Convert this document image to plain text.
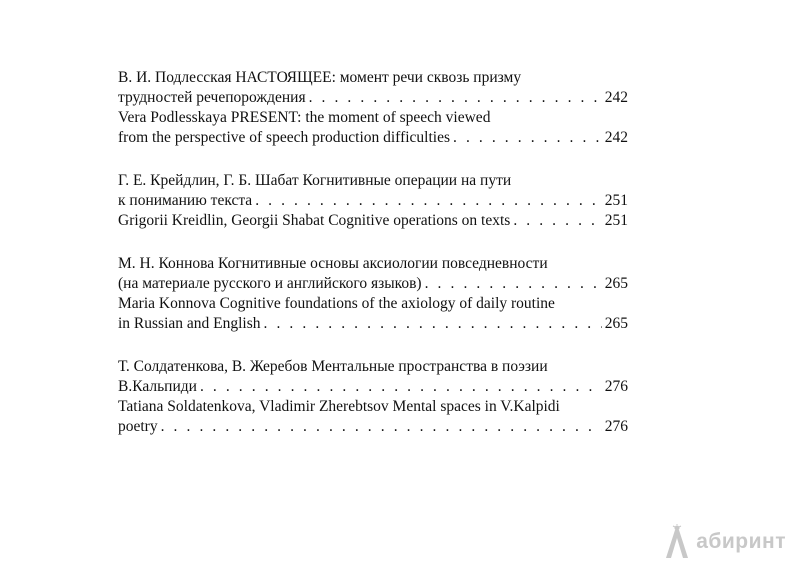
В. И. Подлесская НАСТОЯЩЕЕ: момент речи сквозь призму
трудностей речепорождения . . .	242
Vera Podlesskaya PRESENT: the moment of speech viewed
from the perspective of speech production difficulties . . .	242
Г. Е. Крейдлин, Г. Б. Шабат Когнитивные операции на пути
к пониманию текста . . .	251
Grigorii Kreidlin, Georgii Shabat Cognitive operations on texts . . .	251
М. Н. Коннова Когнитивные основы аксиологии повседневности
(на материале русского и английского языков) . . .	265
Maria Konnova Cognitive foundations of the axiology of daily routine
in Russian and English . . .	265
Т. Солдатенкова, В. Жеребов Ментальные пространства в поэзии
В.Кальпиди . . .	276
Tatiana Soldatenkova, Vladimir Zherebtsov Mental spaces in V.Kalpidi
poetry . . .	276
абиринт
